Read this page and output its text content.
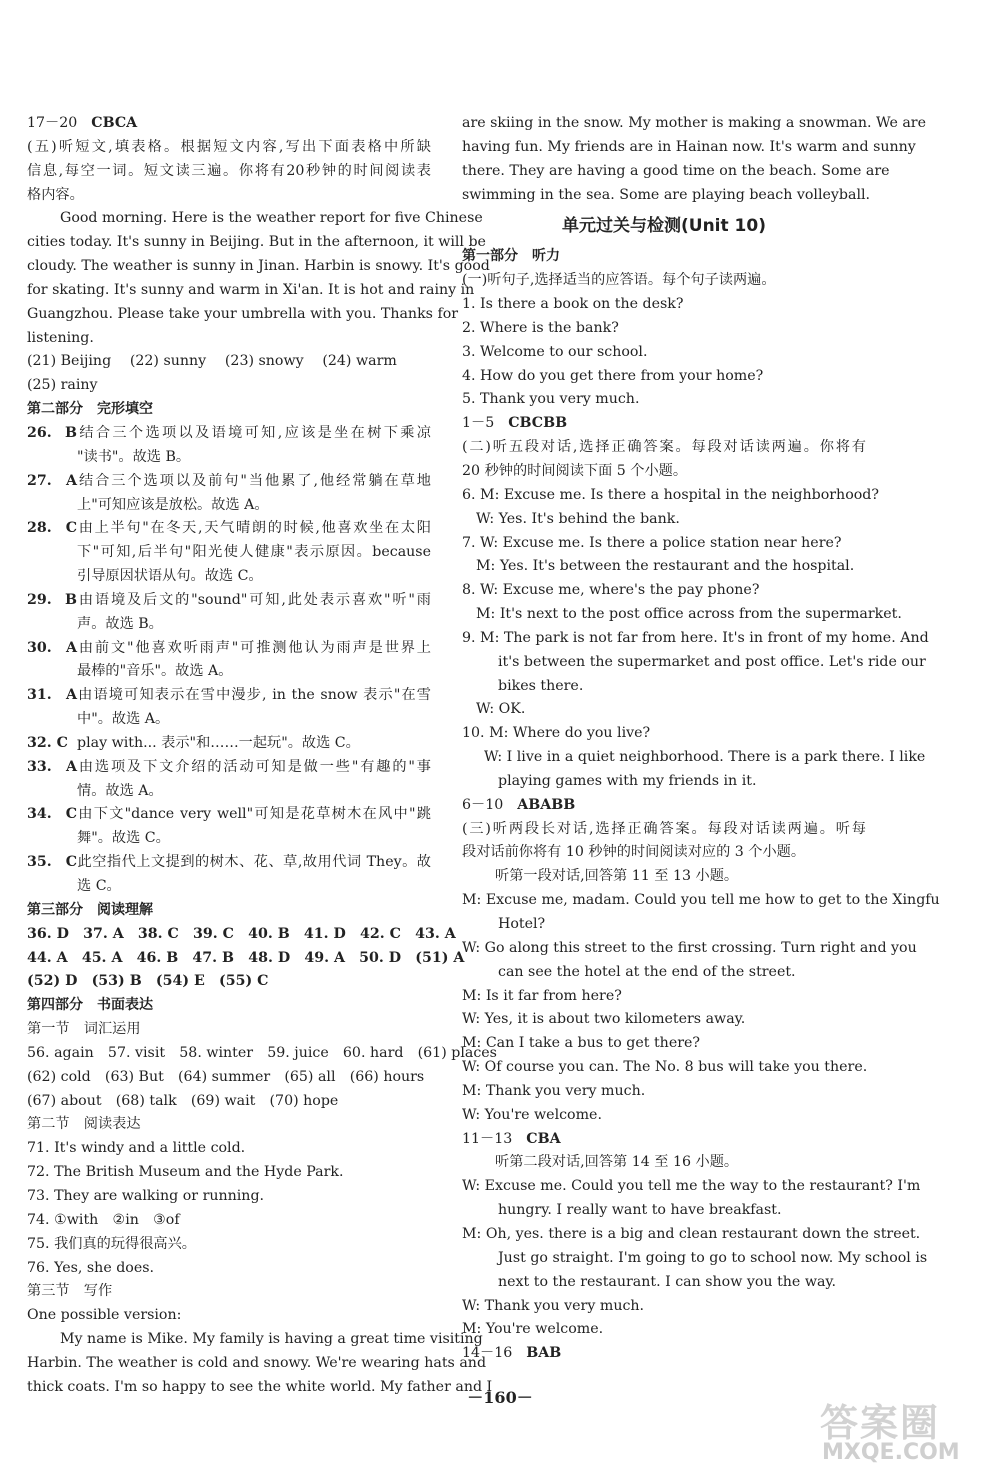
17－20 CBCA
(五)听短文,填表格。根据短文内容,写出下面表格中所缺
信息,每空一词。短文读三遍。你将有20秒钟的时间阅读表
格内容。
Good morning. Here is the weather report for five Chinese
cities today. It's sunny in Beijing. But in the afternoon, it will be
cloudy. The weather is sunny in Jinan. Harbin is snowy. It's good
for skating. It's sunny and warm in Xi'an. It is hot and rainy in
Guangzhou. Please take your umbrella with you. Thanks for
listening.
(21) Beijing　 (22) sunny　 (23) snowy　 (24) warm
(25) rainy
第二部分　完形填空
26. B结合三个选项以及语境可知,应该是坐在树下乘凉
"读书"。故选 B。
27. A结合三个选项以及前句"当他累了,他经常躺在草地
上"可知应该是放松。故选 A。
28. C由上半句"在冬天,天气晴朗的时候,他喜欢坐在太阳
下"可知,后半句"阳光使人健康"表示原因。because
引导原因状语从句。故选 C。
29. B由语境及后文的"sound"可知,此处表示喜欢"听"雨
声。故选 B。
30. A由前文"他喜欢听雨声"可推测他认为雨声是世界上
最棒的"音乐"。故选 A。
31. A由语境可知表示在雪中漫步, in the snow 表示"在雪
中"。故选 A。
32. C play with... 表示"和……一起玩"。故选 C。
33. A由选项及下文介绍的活动可知是做一些"有趣的"事
情。故选 A。
34. C由下文"dance very well"可知是花草树木在风中"跳
舞"。故选 C。
35. C此空指代上文提到的树木、花、草,故用代词 They。故
选 C。
第三部分　阅读理解
36. D　37. A　38. C　39. C　40. B　41. D　42. C　43. A
44. A　45. A　46. B　47. B　48. D　49. A　50. D　(51) A
(52) D　(53) B　(54) E　(55) C
第四部分　书面表达
第一节　词汇运用
56. again　57. visit　58. winter　59. juice　60. hard　(61) places
(62) cold　(63) But　(64) summer　(65) all　(66) hours
(67) about　(68) talk　(69) wait　(70) hope
第二节　阅读表达
71. It's windy and a little cold.
72. The British Museum and the Hyde Park.
73. They are walking or running.
74. ①with　②in　③of
75. 我们真的玩得很高兴。
76. Yes, she does.
第三节　写作
One possible version:
My name is Mike. My family is having a great time visiting
Harbin. The weather is cold and snowy. We're wearing hats and
thick coats. I'm so happy to see the white world. My father and I
are skiing in the snow. My mother is making a snowman. We are
having fun. My friends are in Hainan now. It's warm and sunny
there. They are having a good time on the beach. Some are
swimming in the sea. Some are playing beach volleyball.
单元过关与检测(Unit 10)
第一部分　听力
(一)听句子,选择适当的应答语。每个句子读两遍。
1. Is there a book on the desk?
2. Where is the bank?
3. Welcome to our school.
4. How do you get there from your home?
5. Thank you very much.
1－5 CBCBB
(二)听五段对话,选择正确答案。每段对话读两遍。你将有
20 秒钟的时间阅读下面 5 个小题。
6. M: Excuse me. Is there a hospital in the neighborhood?
W: Yes. It's behind the bank.
7. W: Excuse me. Is there a police station near here?
M: Yes. It's between the restaurant and the hospital.
8. W: Excuse me, where's the pay phone?
M: It's next to the post office across from the supermarket.
9. M: The park is not far from here. It's in front of my home. And
it's between the supermarket and post office. Let's ride our
bikes there.
W: OK.
10. M: Where do you live?
W: I live in a quiet neighborhood. There is a park there. I like
playing games with my friends in it.
6－10 ABABB
(三)听两段长对话,选择正确答案。每段对话读两遍。听每
段对话前你将有 10 秒钟的时间阅读对应的 3 个小题。
听第一段对话,回答第 11 至 13 小题。
M: Excuse me, madam. Could you tell me how to get to the Xingfu
Hotel?
W: Go along this street to the first crossing. Turn right and you
can see the hotel at the end of the street.
M: Is it far from here?
W: Yes, it is about two kilometers away.
M: Can I take a bus to get there?
W: Of course you can. The No. 8 bus will take you there.
M: Thank you very much.
W: You're welcome.
11－13 CBA
听第二段对话,回答第 14 至 16 小题。
W: Excuse me. Could you tell me the way to the restaurant? I'm
hungry. I really want to have breakfast.
M: Oh, yes. there is a big and clean restaurant down the street.
Just go straight. I'm going to go to school now. My school is
next to the restaurant. I can show you the way.
W: Thank you very much.
M: You're welcome.
14－16 BAB
－160－
答案圈
MXQE.COM
